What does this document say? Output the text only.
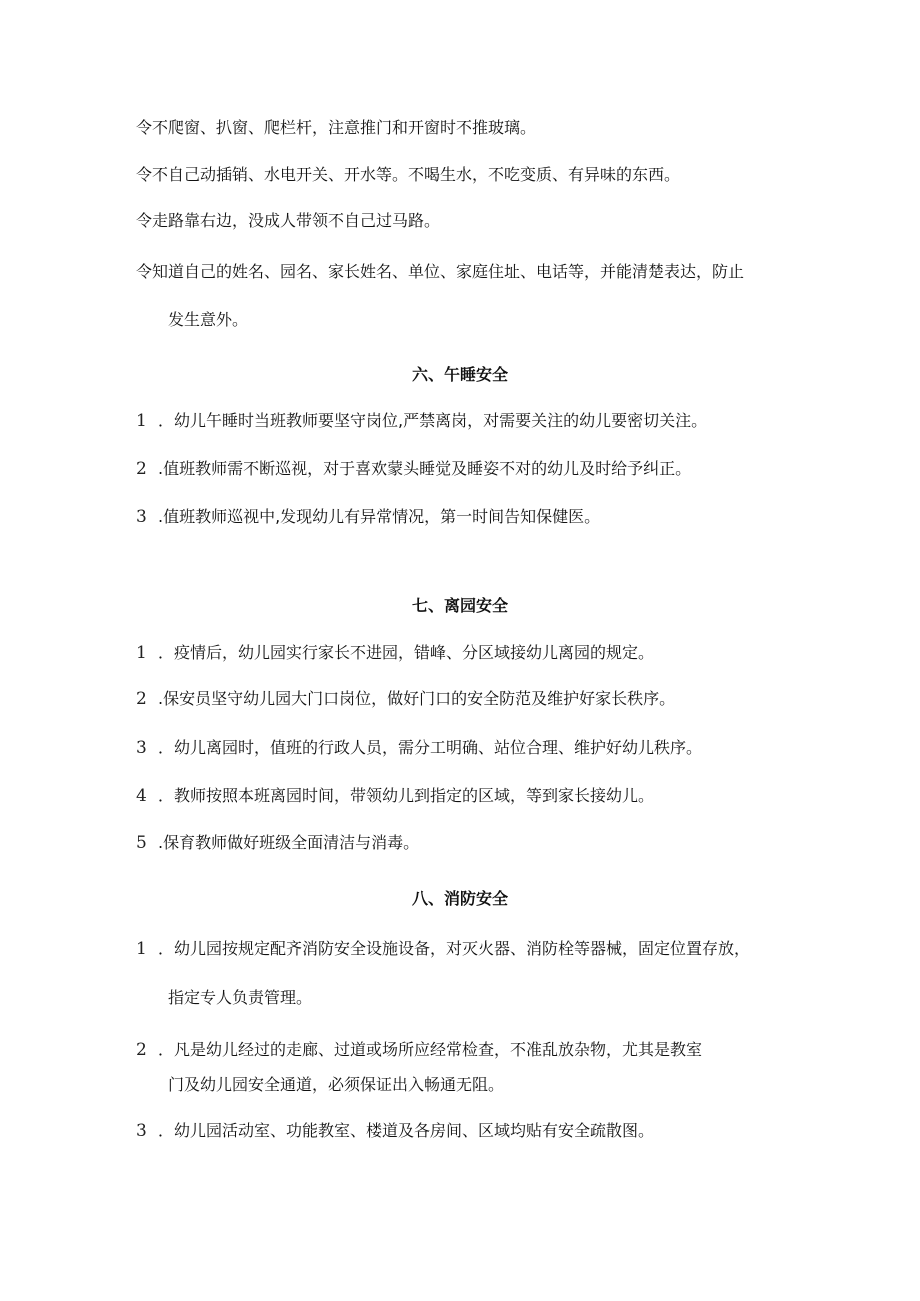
令不爬窗、扒窗、爬栏杆，注意推门和开窗时不推玻璃。
令不自己动插销、水电开关、开水等。不喝生水，不吃变质、有异味的东西。
令走路靠右边，没成人带领不自己过马路。
令知道自己的姓名、园名、家长姓名、单位、家庭住址、电话等，并能清楚表达，防止
发生意外。
六、午睡安全
1 ．幼儿午睡时当班教师要坚守岗位,严禁离岗，对需要关注的幼儿要密切关注。
2 .值班教师需不断巡视，对于喜欢蒙头睡觉及睡姿不对的幼儿及时给予纠正。
3 .值班教师巡视中,发现幼儿有异常情况，第一时间告知保健医。
七、离园安全
1 ．疫情后，幼儿园实行家长不进园，错峰、分区域接幼儿离园的规定。
2 .保安员坚守幼儿园大门口岗位，做好门口的安全防范及维护好家长秩序。
3 ．幼儿离园时，值班的行政人员，需分工明确、站位合理、维护好幼儿秩序。
4 ．教师按照本班离园时间，带领幼儿到指定的区域，等到家长接幼儿。
5 .保育教师做好班级全面清洁与消毒。
八、消防安全
1 ．幼儿园按规定配齐消防安全设施设备，对灭火器、消防栓等器械，固定位置存放，
指定专人负责管理。
2 ．凡是幼儿经过的走廊、过道或场所应经常检查，不准乱放杂物，尤其是教室
门及幼儿园安全通道，必须保证出入畅通无阻。
3 ．幼儿园活动室、功能教室、楼道及各房间、区域均贴有安全疏散图。
